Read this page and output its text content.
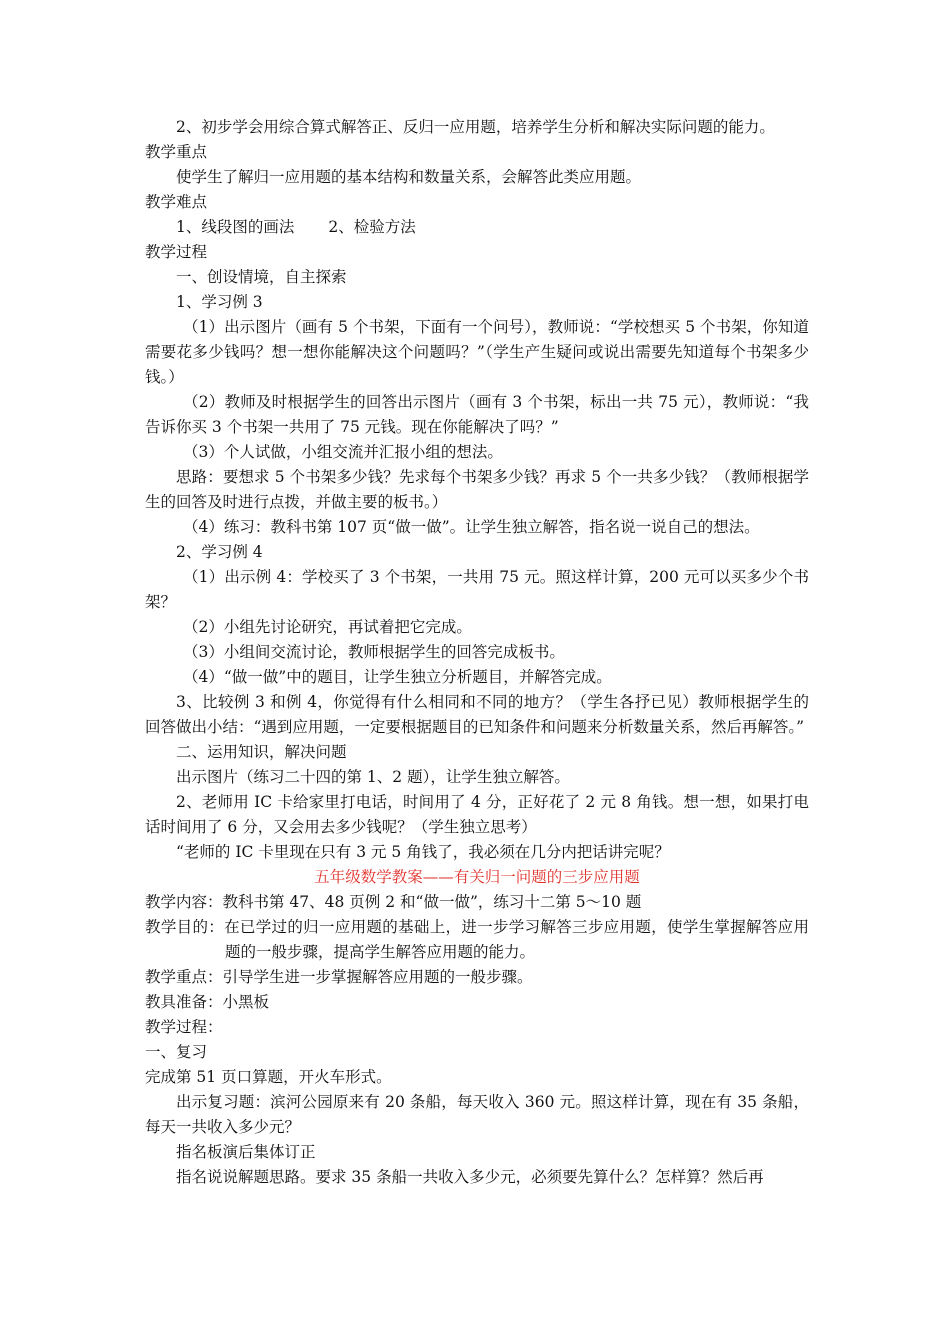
2、初步学会用综合算式解答正、反归一应用题，培养学生分析和解决实际问题的能力。

教学重点

使学生了解归一应用题的基本结构和数量关系，会解答此类应用题。

教学难点

1、线段图的画法 2、检验方法

教学过程

一、创设情境，自主探索

1、学习例 3

（1）出示图片（画有 5 个书架，下面有一个问号），教师说：“学校想买 5 个书架，你知道需要花多少钱吗？想一想你能解决这个问题吗？”（学生产生疑问或说出需要先知道每个书架多少钱。）

（2）教师及时根据学生的回答出示图片（画有 3 个书架，标出一共 75 元），教师说：“我告诉你买 3 个书架一共用了 75 元钱。现在你能解决了吗？”

（3）个人试做，小组交流并汇报小组的想法。

思路：要想求 5 个书架多少钱？先求每个书架多少钱？再求 5 个一共多少钱？（教师根据学生的回答及时进行点拨，并做主要的板书。）

（4）练习：教科书第 107 页“做一做”。让学生独立解答，指名说一说自己的想法。

2、学习例 4

（1）出示例 4：学校买了 3 个书架，一共用 75 元。照这样计算，200 元可以买多少个书架？

（2）小组先讨论研究，再试着把它完成。

（3）小组间交流讨论，教师根据学生的回答完成板书。

（4）“做一做”中的题目，让学生独立分析题目，并解答完成。

3、比较例 3 和例 4，你觉得有什么相同和不同的地方？（学生各抒已见）教师根据学生的回答做出小结：“遇到应用题，一定要根据题目的已知条件和问题来分析数量关系，然后再解答。”

二、运用知识，解决问题

出示图片（练习二十四的第 1、2 题），让学生独立解答。

2、老师用 IC 卡给家里打电话，时间用了 4 分，正好花了 2 元 8 角钱。想一想，如果打电话时间用了 6 分，又会用去多少钱呢？（学生独立思考）

“老师的 IC 卡里现在只有 3 元 5 角钱了，我必须在几分内把话讲完呢？

五年级数学教案——有关归一问题的三步应用题

教学内容：教科书第 47、48 页例 2 和“做一做”，练习十二第 5～10 题

教学目的：在已学过的归一应用题的基础上，进一步学习解答三步应用题，使学生掌握解答应用题的一般步骤，提高学生解答应用题的能力。

教学重点：引导学生进一步掌握解答应用题的一般步骤。

教具准备：小黑板

教学过程：

一、复习

完成第 51 页口算题，开火车形式。

出示复习题：滨河公园原来有 20 条船，每天收入 360 元。照这样计算，现在有 35 条船，每天一共收入多少元？

指名板演后集体订正

指名说说解题思路。要求 35 条船一共收入多少元，必须要先算什么？怎样算？然后再
